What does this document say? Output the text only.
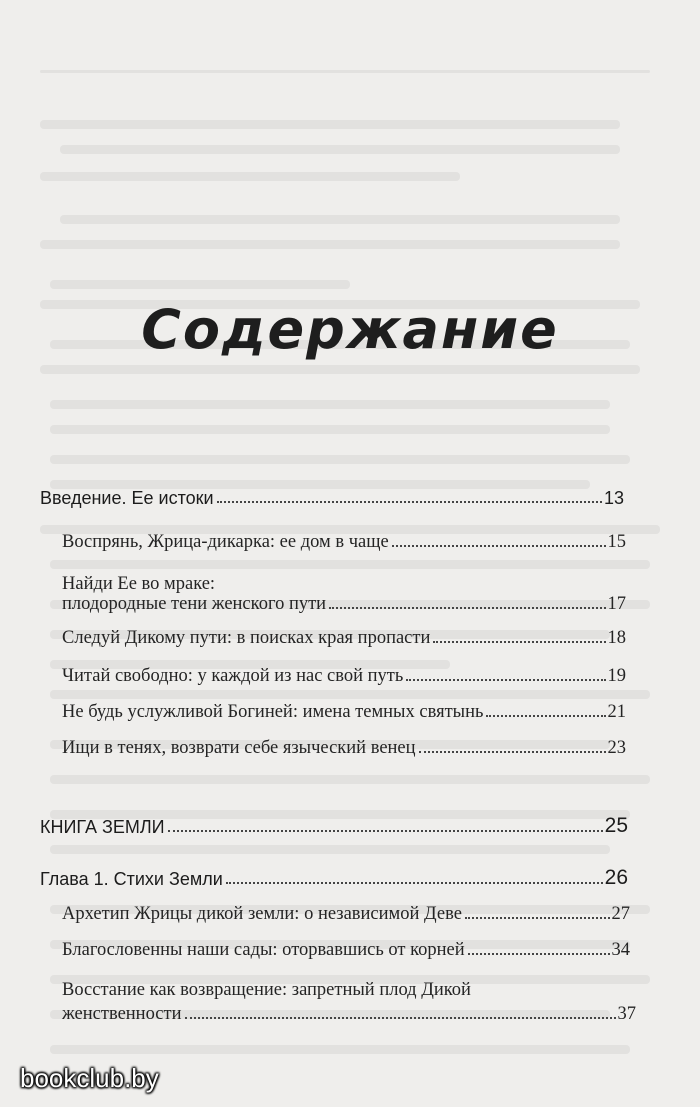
Содержание
Введение. Ее истоки	13
Воспрянь, Жрица-дикарка: ее дом в чаще	15
Найди Ее во мраке:
плодородные тени женского пути	17
Следуй Дикому пути: в поисках края пропасти	18
Читай свободно: у каждой из нас свой путь	19
Не будь услужливой Богиней: имена темных святынь	21
Ищи в тенях, возврати себе языческий венец	23
КНИГА ЗЕМЛИ	25
Глава 1. Стихи Земли	26
Архетип Жрицы дикой земли: о независимой Деве	27
Благословенны наши сады: оторвавшись от корней	34
Восстание как возвращение: запретный плод Дикой
женственности	37
bookclub.by
